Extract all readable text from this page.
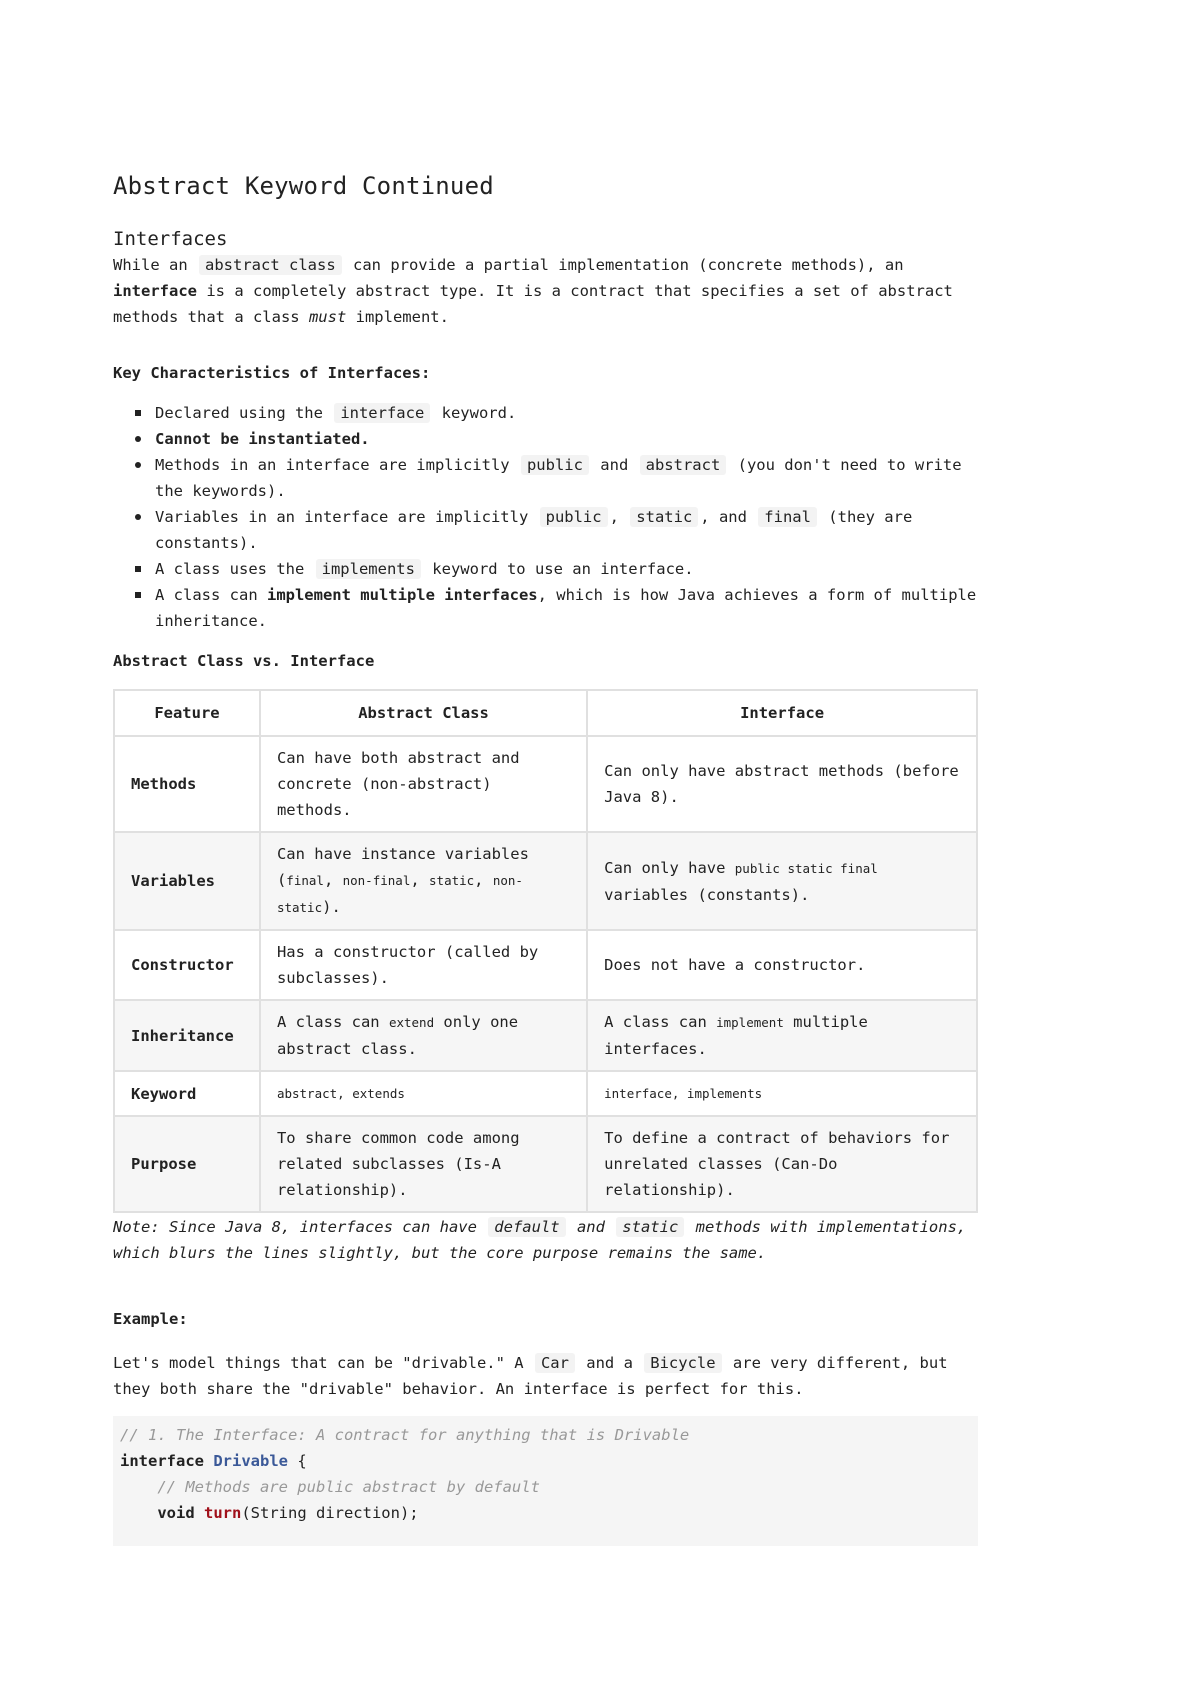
Abstract Keyword Continued
Interfaces

While an abstract class can provide a partial implementation (concrete methods), an interface is a completely abstract type. It is a contract that specifies a set of abstract methods that a class must implement.

Key Characteristics of Interfaces:

Declared using the interface keyword.
Cannot be instantiated.
Methods in an interface are implicitly public and abstract (you don't need to write the keywords).
Variables in an interface are implicitly public , static , and final (they are constants).
A class uses the implements keyword to use an interface.
A class can implement multiple interfaces, which is how Java achieves a form of multiple inheritance.

Abstract Class vs. Interface

Feature	Abstract Class	Interface
Methods	Can have both abstract and concrete (non-abstract) methods.	Can only have abstract methods (before Java 8).
Variables	Can have instance variables (final, non-final, static, non-static).	Can only have public static final variables (constants).
Constructor	Has a constructor (called by subclasses).	Does not have a constructor.
Inheritance	A class can extend only one abstract class.	A class can implement multiple interfaces.
Keyword	abstract, extends	interface, implements
Purpose	To share common code among related subclasses (Is-A relationship).	To define a contract of behaviors for unrelated classes (Can-Do relationship).

Note: Since Java 8, interfaces can have default and static methods with implementations, which blurs the lines slightly, but the core purpose remains the same.

Example:

Let's model things that can be "drivable." A Car and a Bicycle are very different, but they both share the "drivable" behavior. An interface is perfect for this.

// 1. The Interface: A contract for anything that is Drivable
interface Drivable {
// Methods are public abstract by default
void turn(String direction);
